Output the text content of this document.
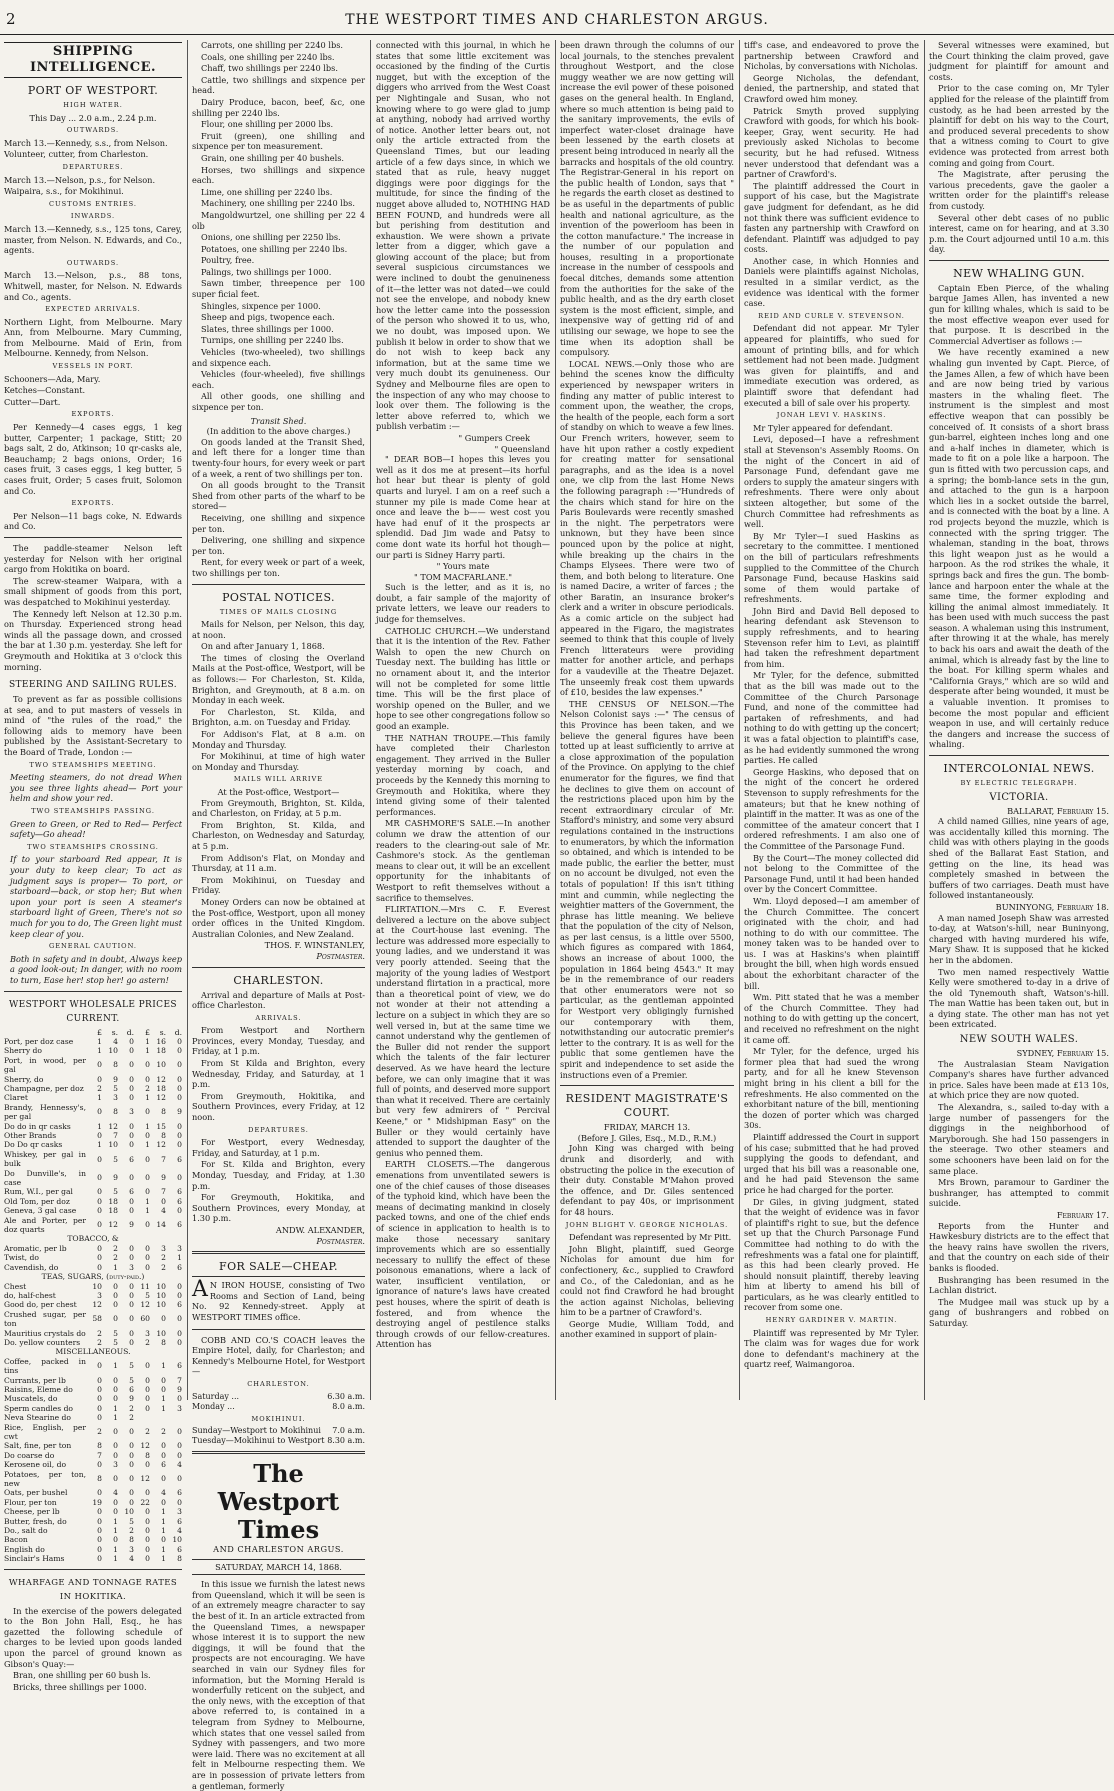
2	THE WESTPORT TIMES AND CHARLESTON ARGUS.
SHIPPING INTELLIGENCE.
PORT OF WESTPORT.
HIGH WATER.
This Day ... 2.0 a.m., 2.24 p.m.
OUTWARDS.

March 13.—Kennedy, s.s., from Nelson.

Volunteer, cutter, from Charleston.

DEPARTURES.

March 13.—Nelson, p.s., for Nelson.

Waipaira, s.s., for Mokihinui.

CUSTOMS ENTRIES.
INWARDS.

March 13.—Kennedy, s.s., 125 tons, Carey, master, from Nelson. N. Edwards, and Co., agents.

OUTWARDS.

March 13.—Nelson, p.s., 88 tons, Whitwell, master, for Nelson. N. Edwards and Co., agents.

EXPECTED ARRIVALS.

Northern Light, from Melbourne. Mary Ann, from Melbourne. Mary Cumming, from Melbourne. Maid of Erin, from Melbourne. Kennedy, from Nelson.

VESSELS IN PORT.

Schooners—Ada, Mary.

Ketches—Constant.

Cutter—Dart.

EXPORTS.

Per Kennedy—4 cases eggs, 1 keg butter, Carpenter; 1 package, Stitt; 20 bags salt, 2 do, Atkinson; 10 qr-casks ale, Beauchamp; 2 bags onions, Order; 16 cases fruit, 3 cases eggs, 1 keg butter, 5 cases fruit, Order; 5 cases fruit, Solomon and Co.

EXPORTS.

Per Nelson—11 bags coke, N. Edwards and Co.

The paddle-steamer Nelson left yesterday for Nelson with her original cargo from Hokitika on board.

The screw-steamer Waipara, with a small shipment of goods from this port, was despatched to Mokihinui yesterday.

The Kennedy left Nelson at 12.30 p.m. on Thursday. Experienced strong head winds all the passage down, and crossed the bar at 1.30 p.m. yesterday. She left for Greymouth and Hokitika at 3 o'clock this morning.

STEERING AND SAILING RULES.

To prevent as far as possible collisions at sea, and to put masters of vessels in mind of "the rules of the road," the following aids to memory have been published by the Assistant-Secretary to the Board of Trade, London :—

TWO STEAMSHIPS MEETING.

Meeting steamers, do not dread When you see three lights ahead— Port your helm and show your red.

TWO STEAMSHIPS PASSING.

Green to Green, or Red to Red— Perfect safety—Go ahead!

TWO STEAMSHIPS CROSSING.

If to your starboard Red appear, It is your duty to keep clear; To act as judgment says is proper— To port, or starboard—back, or stop her; But when upon your port is seen A steamer's starboard light of Green, There's not so much for you to do, The Green light must keep clear of you.

GENERAL CAUTION.

Both in safety and in doubt, Always keep a good look-out; In danger, with no room to turn, Ease her! stop her! go astern!

WESTPORT WHOLESALE PRICES CURRENT.
	£	s.	d.	£	s.	d.
Port, per doz case	1	4	0	1	16	0
Sherry do	1	10	0	1	18	0
Port, in wood, per gal	0	8	0	0	10	0
Sherry, do	0	9	0	0	12	0
Champagne, per doz	2	5	0	2	18	0
Claret	1	3	0	1	12	0
Brandy, Hennessy's, per gal	0	8	3	0	8	9
Do do in qr casks	1	12	0	1	15	0
Other Brands	0	7	0	0	8	0
Do Do qr casks	1	10	0	1	12	0
Whiskey, per gal in bulk	0	5	6	0	7	6
Do Dunville's, in case	0	9	0	0	9	0
Rum, W.I., per gal	0	5	6	0	7	6
Old Tom, per doz	0	18	0	1	0	6
Geneva, 3 gal case	0	18	0	1	4	0
Ale and Porter, per doz quarts	0	12	9	0	14	6
TOBACCO, &						
Aromatic, per lb	0	2	0	0	3	3
Twist, do	0	2	0	0	2	1
Cavendish, do	0	1	3	0	2	6
TEAS, SUGARS, (duty-paid.)						
Chest	10	0	0	11	10	0
do, half-chest	3	0	0	5	10	0
Good do, per chest	12	0	0	12	10	6
Crushed sugar, per ton	58	0	0	60	0	0
Mauritius crystals do	2	5	0	3	10	0
Do. yellow counters	2	5	0	2	8	0
MISCELLANEOUS.						
Coffee, packed in tins	0	1	5	0	1	6
Currants, per lb	0	0	5	0	0	7
Raisins, Eleme do	0	0	6	0	0	9
Muscatels, do	0	0	9	0	1	0
Sperm candles do	0	1	2	0	1	3
Neva Stearine do	0	1	2			
Rice, English, per cwt	2	0	0	2	2	0
Salt, fine, per ton	8	0	0	12	0	0
Do coarse do	7	0	0	8	0	0
Kerosene oil, do	0	3	0	0	6	4
Potatoes, per ton, new	8	0	0	12	0	0
Oats, per bushel	0	4	0	0	4	6
Flour, per ton	19	0	0	22	0	0
Cheese, per lb	0	0	10	0	1	3
Butter, fresh, do	0	1	5	0	1	6
Do., salt do	0	1	2	0	1	4
Bacon	0	0	8	0	0	10
English do	0	1	3	0	1	6
Sinclair's Hams	0	1	4	0	1	8
WHARFAGE AND TONNAGE RATES IN HOKITIKA.

In the exercise of the powers delegated to the Bon John Hall, Esq., he has gazetted the following schedule of charges to be levied upon goods landed upon the parcel of ground known as Gibson's Quay:—

Bran, one shilling per 60 bush ls.

Bricks, three shillings per 1000.

Carrots, one shilling per 2240 lbs.

Coals, one shilling per 2240 lbs.

Chaff, two shillings per 2240 lbs.

Cattle, two shillings and sixpence per head.

Dairy Produce, bacon, beef, &c, one shilling per 2240 lbs.

Flour, one shilling per 2000 lbs.

Fruit (green), one shilling and sixpence per ton measurement.

Grain, one shilling per 40 bushels.

Horses, two shillings and sixpence each.

Lime, one shilling per 2240 lbs.

Machinery, one shilling per 2240 lbs.

Mangoldwurtzel, one shilling per 22 4 olb

Onions, one shilling per 2250 lbs.

Potatoes, one shilling per 2240 lbs.

Poultry, free.

Palings, two shillings per 1000.

Sawn timber, threepence per 100 super ficial feet.

Shingles, sixpence per 1000.

Sheep and pigs, twopence each.

Slates, three shillings per 1000.

Turnips, one shilling per 2240 lbs.

Vehicles (two-wheeled), two shillings and sixpence each.

Vehicles (four-wheeled), five shillings each.

All other goods, one shilling and sixpence per ton.

Transit Shed.
(In addition to the above charges.)

On goods landed at the Transit Shed, and left there for a longer time than twenty-four hours, for every week or part of a week, a rent of two shillings per ton.

On all goods brought to the Transit Shed from other parts of the wharf to be stored—

Receiving, one shilling and sixpence per ton.

Delivering, one shilling and sixpence per ton.

Rent, for every week or part of a week, two shillings per ton.

POSTAL NOTICES.
TIMES OF MAILS CLOSING

Mails for Nelson, per Nelson, this day, at noon.

On and after January 1, 1868.

The times of closing the Overland Mails at the Post-office, Westport, will be as follows:— For Charleston, St. Kilda, Brighton, and Greymouth, at 8 a.m. on Monday in each week.

For Charleston, St. Kilda, and Brighton, a.m. on Tuesday and Friday.

For Addison's Flat, at 8 a.m. on Monday and Thursday.

For Mokihinui, at time of high water on Monday and Thursday.

MAILS WILL ARRIVE
At the Post-office, Westport—

From Greymouth, Brighton, St. Kilda, and Charleston, on Friday, at 5 p.m.

From Brighton, St. Kilda, and Charleston, on Wednesday and Saturday, at 5 p.m.

From Addison's Flat, on Monday and Thursday, at 11 a.m.

From Mokihinui, on Tuesday and Friday.

Money Orders can now be obtained at the Post-office, Westport, upon all money order offices in the United Kingdom. Australian Colonies, and New Zealand.

THOS. F. WINSTANLEY,
Postmaster.
CHARLESTON.

Arrival and departure of Mails at Post-office Charleston.

ARRIVALS.

From Westport and Northern Provinces, every Monday, Tuesday, and Friday, at 1 p.m.

From St Kilda and Brighton, every Wednesday, Friday, and Saturday, at 1 p.m.

From Greymouth, Hokitika, and Southern Provinces, every Friday, at 12 noon.

DEPARTURES.

For Westport, every Wednesday, Friday, and Saturday, at 1 p.m.

For St. Kilda and Brighton, every Monday, Tuesday, and Friday, at 1.30 p.m.

For Greymouth, Hokitika, and Southern Provinces, every Monday, at 1.30 p.m.

ANDW. ALEXANDER,
Postmaster.
FOR SALE—CHEAP.

A N IRON HOUSE, consisting of Two Rooms and Section of Land, being No. 92 Kennedy-street. Apply at WESTPORT TIMES office.

COBB AND CO.'S COACH leaves the Empire Hotel, daily, for Charleston; and Kennedy's Melbourne Hotel, for Westport—

CHARLESTON.
Saturday ...	6.30 a.m.
Monday ...	8.0 a.m.
MOKIHINUI.
Sunday—Westport to Mokihinui	7.0 a.m.
Tuesday—Mokihinui to Westport	8.30 a.m.
The Westport Times
AND CHARLESTON ARGUS.
SATURDAY, MARCH 14, 1868.

In this issue we furnish the latest news from Queensland, which it will be seen is of an extremely meagre character to say the best of it. In an article extracted from the Queensland Times, a newspaper whose interest it is to support the new diggings, it will be found that the prospects are not encouraging. We have searched in vain our Sydney files for information, but the Morning Herald is wonderfully reticent on the subject, and the only news, with the exception of that above referred to, is contained in a telegram from Sydney to Melbourne, which states that one vessel sailed from Sydney with passengers, and two more were laid. There was no excitement at all felt in Melbourne respecting them. We are in possession of private letters from a gentleman, formerly

connected with this journal, in which he states that some little excitement was occasioned by the finding of the Curtis nugget, but with the exception of the diggers who arrived from the West Coast per Nightingale and Susan, who not knowing where to go were glad to jump at anything, nobody had arrived worthy of notice. Another letter bears out, not only the article extracted from the Queensland Times, but our leading article of a few days since, in which we stated that as rule, heavy nugget diggings were poor diggings for the multitude, for since the finding of the nugget above alluded to, NOTHING HAD BEEN FOUND, and hundreds were all but perishing from destitution and exhaustion. We were shown a private letter from a digger, which gave a glowing account of the place; but from several suspicious circumstances we were inclined to doubt the genuineness of it—the letter was not dated—we could not see the envelope, and nobody knew how the letter came into the possession of the person who showed it to us, who, we no doubt, was imposed upon. We publish it below in order to show that we do not wish to keep back any information, but at the same time we very much doubt its genuineness. Our Sydney and Melbourne files are open to the inspection of any who may choose to look over them. The following is the letter above referred to, which we publish verbatim :—

" Gumpers Creek
" Queensland

" DEAR BOB—I hopes this leves you well as it dos me at present—its horful hot hear but thear is plenty of gold quarts and luryel. I am on a reef such a stunner my pile is made Come hear at once and leave the b—— west cost you have had enuf of it the prospects ar splendid. Dad Jim wade and Patsy to come dont wate its horful hot though—our parti is Sidney Harry parti.

" Yours mate
" TOM MACFARLANE."

Such is the letter, and as it is, no doubt, a fair sample of the majority of private letters, we leave our readers to judge for themselves.

CATHOLIC CHURCH.—We understand that it is the intention of the Rev. Father Walsh to open the new Church on Tuesday next. The building has little or no ornament about it, and the interior will not be completed for some little time. This will be the first place of worship opened on the Buller, and we hope to see other congregations follow so good an example.

THE NATHAN TROUPE.—This family have completed their Charleston engagement. They arrived in the Buller yesterday morning by coach, and proceeds by the Kennedy this morning to Greymouth and Hokitika, where they intend giving some of their talented performances.

MR CASHMORE'S SALE.—In another column we draw the attention of our readers to the clearing-out sale of Mr. Cashmore's stock. As the gentleman means to clear out, it will be an excellent opportunity for the inhabitants of Westport to refit themselves without a sacrifice to themselves.

FLIRTATION.—Mrs C. F. Everest delivered a lecture on the above subject at the Court-house last evening. The lecture was addressed more especially to young ladies, and we understand it was very poorly attended. Seeing that the majority of the young ladies of Westport understand flirtation in a practical, more than a theoretical point of view, we do not wonder at their not attending a lecture on a subject in which they are so well versed in, but at the same time we cannot understand why the gentlemen of the Buller did not render the support which the talents of the fair lecturer deserved. As we have heard the lecture before, we can only imagine that it was full of points, and deserved more support than what it received. There are certainly but very few admirers of " Percival Keene," or " Midshipman Easy" on the Buller or they would certainly have attended to support the daughter of the genius who penned them.

EARTH CLOSETS.—The dangerous emenations from unventilated sewers is one of the chief causes of those diseases of the typhoid kind, which have been the means of decimating mankind in closely packed towns, and one of the chief ends of science in application to health is to make those necessary sanitary improvements which are so essentially necessary to nullify the effect of these poisonous emanations, where a lack of water, insufficient ventilation, or ignorance of nature's laws have created pest houses, where the spirit of death is fostered, and from whence the destroying angel of pestilence stalks through crowds of our fellow-creatures. Attention has

been drawn through the columns of our local journals, to the stenches prevalent throughout Westport, and the close muggy weather we are now getting will increase the evil power of these poisoned gases on the general health. In England, where so much attention is being paid to the sanitary improvements, the evils of imperfect water-closet drainage have been lessened by the earth closets at present being introduced in nearly all the barracks and hospitals of the old country. The Registrar-General in his report on the public health of London, says that " he regards the earth closet as destined to be as useful in the departments of public health and national agriculture, as the invention of the powerloom has been in the cotton manufacture." The increase in the number of our population and houses, resulting in a proportionate increase in the number of cesspools and foecal ditches, demands some attention from the authorities for the sake of the public health, and as the dry earth closet system is the most efficient, simple, and inexpensive way of getting rid of and utilising our sewage, we hope to see the time when its adoption shall be compulsory.

LOCAL NEWS.—Only those who are behind the scenes know the difficulty experienced by newspaper writers in finding any matter of public interest to comment upon, the weather, the crops, the health of the people, each form a sort of standby on which to weave a few lines. Our French writers, however, seem to have hit upon rather a costly expedient for creating matter for sensational paragraphs, and as the idea is a novel one, we clip from the last Home News the following paragraph :—"Hundreds of the chairs which stand for hire on the Paris Boulevards were recently smashed in the night. The perpetrators were unknown, but they have been since pounced upon by the police at night, while breaking up the chairs in the Champs Elysees. There were two of them, and both belong to literature. One is named Dacire, a writer of farces ; the other Baratin, an insurance broker's clerk and a writer in obscure periodicals. As a comic article on the subject had appeared in the Figaro, the magistrates seemed to think that this couple of lively French litterateurs were providing matter for another article, and perhaps for a vaudeville at the Theatre Dejazet. The unseemly freak cost them upwards of £10, besides the law expenses."

THE CENSUS OF NELSON.—The Nelson Colonist says :—" The census of this Province has been taken, and we believe the general figures have been totted up at least sufficiently to arrive at a close approximation of the population of the Province. On applying to the chief enumerator for the figures, we find that he declines to give them on account of the restrictions placed upon him by the recent extraordinary circular of Mr. Stafford's ministry, and some very absurd regulations contained in the instructions to enumerators, by which the information so obtained, and which is intended to be made public, the earlier the better, must on no account be divulged, not even the totals of population! If this isn't tithing mint and cummin, while neglecting the weightier matters of the Government, the phrase has little meaning. We believe that the population of the city of Nelson, as per last census, is a little over 5500, which figures as compared with 1864, shows an increase of about 1000, the population in 1864 being 4543." It may be in the remembrance of our readers that other enumerators were not so particular, as the gentleman appointed for Westport very obligingly furnished our contemporary with them, notwithstanding our autocratic premier's letter to the contrary. It is as well for the public that some gentlemen have the spirit and independence to set aside the instructions even of a Premier.

RESIDENT MAGISTRATE'S COURT.
FRIDAY, MARCH 13.
(Before J. Giles, Esq., M.D., R.M.)

John King was charged with being drunk and disorderly, and with obstructing the police in the execution of their duty. Constable M'Mahon proved the offence, and Dr. Giles sentenced defendant to pay 40s, or imprisonment for 48 hours.

JOHN BLIGHT V. GEORGE NICHOLAS.

Defendant was represented by Mr Pitt.

John Blight, plaintiff, sued George Nicholas for amount due him for confectionery, &c., supplied to Crawford and Co., of the Caledonian, and as he could not find Crawford he had brought the action against Nicholas, believing him to be a partner of Crawford's.

George Mudie, William Todd, and another examined in support of plain-

tiff's case, and endeavored to prove the partnership between Crawford and Nicholas, by conversations with Nicholas.

George Nicholas, the defendant, denied, the partnership, and stated that Crawford owed him money.

Patrick Smyth proved supplying Crawford with goods, for which his book-keeper, Gray, went security. He had previously asked Nicholas to become security, but he had refused. Witness never understood that defendant was a partner of Crawford's.

The plaintiff addressed the Court in support of his case, but the Magistrate gave judgment for defendant, as he did not think there was sufficient evidence to fasten any partnership with Crawford on defendant. Plaintiff was adjudged to pay costs.

Another case, in which Honnies and Daniels were plaintiffs against Nicholas, resulted in a similar verdict, as the evidence was identical with the former case.

REID AND CURLE V. STEVENSON.

Defendant did not appear. Mr Tyler appeared for plaintiffs, who sued for amount of printing bills, and for which settlement had not been made. Judgment was given for plaintiffs, and and immediate execution was ordered, as plaintiff swore that defendant had executed a bill of sale over his property.

JONAH LEVI V. HASKINS.

Mr Tyler appeared for defendant.

Levi, deposed—I have a refreshment stall at Stevenson's Assembly Rooms. On the night of the Concert in aid of Parsonage Fund, defendant gave me orders to supply the amateur singers with refreshments. There were only about sixteen altogether, but some of the Church Committee had refreshments as well.

By Mr Tyler—I sued Haskins as secretary to the committee. I mentioned on the bill of particulars refreshments supplied to the Committee of the Church Parsonage Fund, because Haskins said some of them would partake of refreshments.

John Bird and David Bell deposed to hearing defendant ask Stevenson to supply refreshments, and to hearing Stevenson refer him to Levi, as plaintiff had taken the refreshment department from him.

Mr Tyler, for the defence, submitted that as the bill was made out to the Committee of the Church Parsonage Fund, and none of the committee had partaken of refreshments, and had nothing to do with getting up the concert; it was a fatal objection to plaintiff's case, as he had evidently summoned the wrong parties. He called

George Haskins, who deposed that on the night of the concert he ordered Stevenson to supply refreshments for the amateurs; but that he knew nothing of plaintiff in the matter. It was as one of the committee of the amateur concert that I ordered refreshments. I am also one of the Committee of the Parsonage Fund.

By the Court—The money collected did not belong to the Committee of the Parsonage Fund, until it had been handed over by the Concert Committee.

Wm. Lloyd deposed—I am amember of the Church Committee. The concert originated with the choir, and had nothing to do with our committee. The money taken was to be handed over to us. I was at Haskins's when plaintiff brought the bill, when high words ensued about the exhorbitant character of the bill.

Wm. Pitt stated that he was a member of the Church Committee. They had nothing to do with getting up the concert, and received no refreshment on the night it came off.

Mr Tyler, for the defence, urged his former plea that had sued the wrong party, and for all he knew Stevenson might bring in his client a bill for the refreshments. He also commented on the exhorbitant nature of the bill, mentioning the dozen of porter which was charged 30s.

Plaintiff addressed the Court in support of his case; submitted that he had proved supplying the goods to defendant, and urged that his bill was a reasonable one, and he had paid Stevenson the same price he had charged for the porter.

Dr Giles, in giving judgment, stated that the weight of evidence was in favor of plaintiff's right to sue, but the defence set up that the Church Parsonage Fund Committee had nothing to do with the refreshments was a fatal one for plaintiff, as this had been clearly proved. He should nonsuit plaintiff, thereby leaving him at liberty to amend his bill of particulars, as he was clearly entitled to recover from some one.

HENRY GARDINER V. MARTIN.

Plaintiff was represented by Mr Tyler. The claim was for wages due for work done to defendant's machinery at the quartz reef, Waimangoroa.

Several witnesses were examined, but the Court thinking the claim proved, gave judgment for plaintiff for amount and costs.

Prior to the case coming on, Mr Tyler applied for the release of the plaintiff from custody, as he had been arrested by the plaintiff for debt on his way to the Court, and produced several precedents to show that a witness coming to Court to give evidence was protected from arrest both coming and going from Court.

The Magistrate, after perusing the various precedents, gave the gaoler a written order for the plaintiff's release from custody.

Several other debt cases of no public interest, came on for hearing, and at 3.30 p.m. the Court adjourned until 10 a.m. this day.

NEW WHALING GUN.

Captain Eben Pierce, of the whaling barque James Allen, has invented a new gun for killing whales, which is said to be the most effective weapon ever used for that purpose. It is described in the Commercial Advertiser as follows :—

We have recently examined a new whaling gun invented by Capt. Pierce, of the James Allen, a few of which have been and are now being tried by various masters in the whaling fleet. The instrument is the simplest and most effective weapon that can possibly be conceived of. It consists of a short brass gun-barrel, eighteen inches long and one and a-half inches in diameter, which is made to fit on a pole like a harpoon. The gun is fitted with two percussion caps, and a spring; the bomb-lance sets in the gun, and attached to the gun is a harpoon which lies in a socket outside the barrel, and is connected with the boat by a line. A rod projects beyond the muzzle, which is connected with the spring trigger. The whaleman, standing in the boat, throws this light weapon just as he would a harpoon. As the rod strikes the whale, it springs back and fires the gun. The bomb-lance and harpoon enter the whale at the same time, the former exploding and killing the animal almost immediately. It has been used with much success the past season. A whaleman using this instrument, after throwing it at the whale, has merely to back his oars and await the death of the animal, which is already fast by the line to the boat. For killing sperm whales and "California Grays," which are so wild and desperate after being wounded, it must be a valuable invention. It promises to become the most popular and efficient weapon in use, and will certainly reduce the dangers and increase the success of whaling.

INTERCOLONIAL NEWS.
BY ELECTRIC TELEGRAPH.
VICTORIA.
BALLARAT, February 15.

A child named Gillies, nine years of age, was accidentally killed this morning. The child was with others playing in the goods shed of the Ballarat East Station, and getting on the line, its head was completely smashed in between the buffers of two carriages. Death must have followed instantaneously.

BUNINYONG, February 18.

A man named Joseph Shaw was arrested to-day, at Watson's-hill, near Buninyong, charged with having murdered his wife, Mary Shaw. It is supposed that he kicked her in the abdomen.

Two men named respectively Wattie Kelly were smothered to-day in a drive of the old Tynemouth shaft, Watson's-hill. The man Wattie has been taken out, but in a dying state. The other man has not yet been extricated.

NEW SOUTH WALES.
SYDNEY, February 15.

The Australasian Steam Navigation Company's shares have further advanced in price. Sales have been made at £13 10s, at which price they are now quoted.

The Alexandra, s., sailed to-day with a large number of passengers for the diggings in the neighborhood of Maryborough. She had 150 passengers in the steerage. Two other steamers and some schooners have been laid on for the same place.

Mrs Brown, paramour to Gardiner the bushranger, has attempted to commit suicide.

February 17.

Reports from the Hunter and Hawkesbury districts are to the effect that the heavy rains have swollen the rivers, and that the country on each side of their banks is flooded.

Bushranging has been resumed in the Lachlan district.

The Mudgee mail was stuck up by a gang of bushrangers and robbed on Saturday.
